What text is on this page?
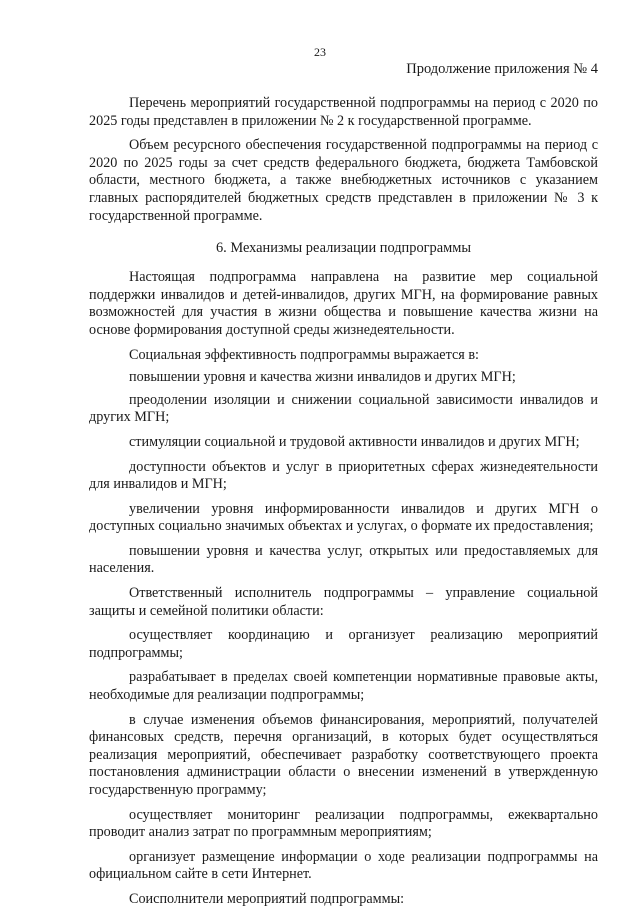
23
Продолжение приложения № 4

Перечень мероприятий государственной подпрограммы на период с 2020 по 2025 годы представлен в приложении № 2 к государственной программе.

Объем ресурсного обеспечения государственной подпрограммы на период с 2020 по 2025 годы за счет средств федерального бюджета, бюджета Тамбовской области, местного бюджета, а также внебюджетных источников с указанием главных распорядителей бюджетных средств представлен в приложении № 3 к государственной программе.

6. Механизмы реализации подпрограммы

Настоящая подпрограмма направлена на развитие мер социальной поддержки инвалидов и детей-инвалидов, других МГН, на формирование равных возможностей для участия в жизни общества и повышение качества жизни на основе формирования доступной среды жизнедеятельности.

Социальная эффективность подпрограммы выражается в:

повышении уровня и качества жизни инвалидов и других МГН;

преодолении изоляции и снижении социальной зависимости инвалидов и других МГН;

стимуляции социальной и трудовой активности инвалидов и других МГН;

доступности объектов и услуг в приоритетных сферах жизнедеятельности для инвалидов и МГН;

увеличении уровня информированности инвалидов и других МГН о доступных социально значимых объектах и услугах, о формате их предоставления;

повышении уровня и качества услуг, открытых или предоставляемых для населения.

Ответственный исполнитель подпрограммы – управление социальной защиты и семейной политики области:

осуществляет координацию и организует реализацию мероприятий подпрограммы;

разрабатывает в пределах своей компетенции нормативные правовые акты, необходимые для реализации подпрограммы;

в случае изменения объемов финансирования, мероприятий, получателей финансовых средств, перечня организаций, в которых будет осуществляться реализация мероприятий, обеспечивает разработку соответствующего проекта постановления администрации области о внесении изменений в утвержденную государственную программу;

осуществляет мониторинг реализации подпрограммы, ежеквартально проводит анализ затрат по программным мероприятиям;

организует размещение информации о ходе реализации подпрограммы на официальном сайте в сети Интернет.

Соисполнители мероприятий подпрограммы:
